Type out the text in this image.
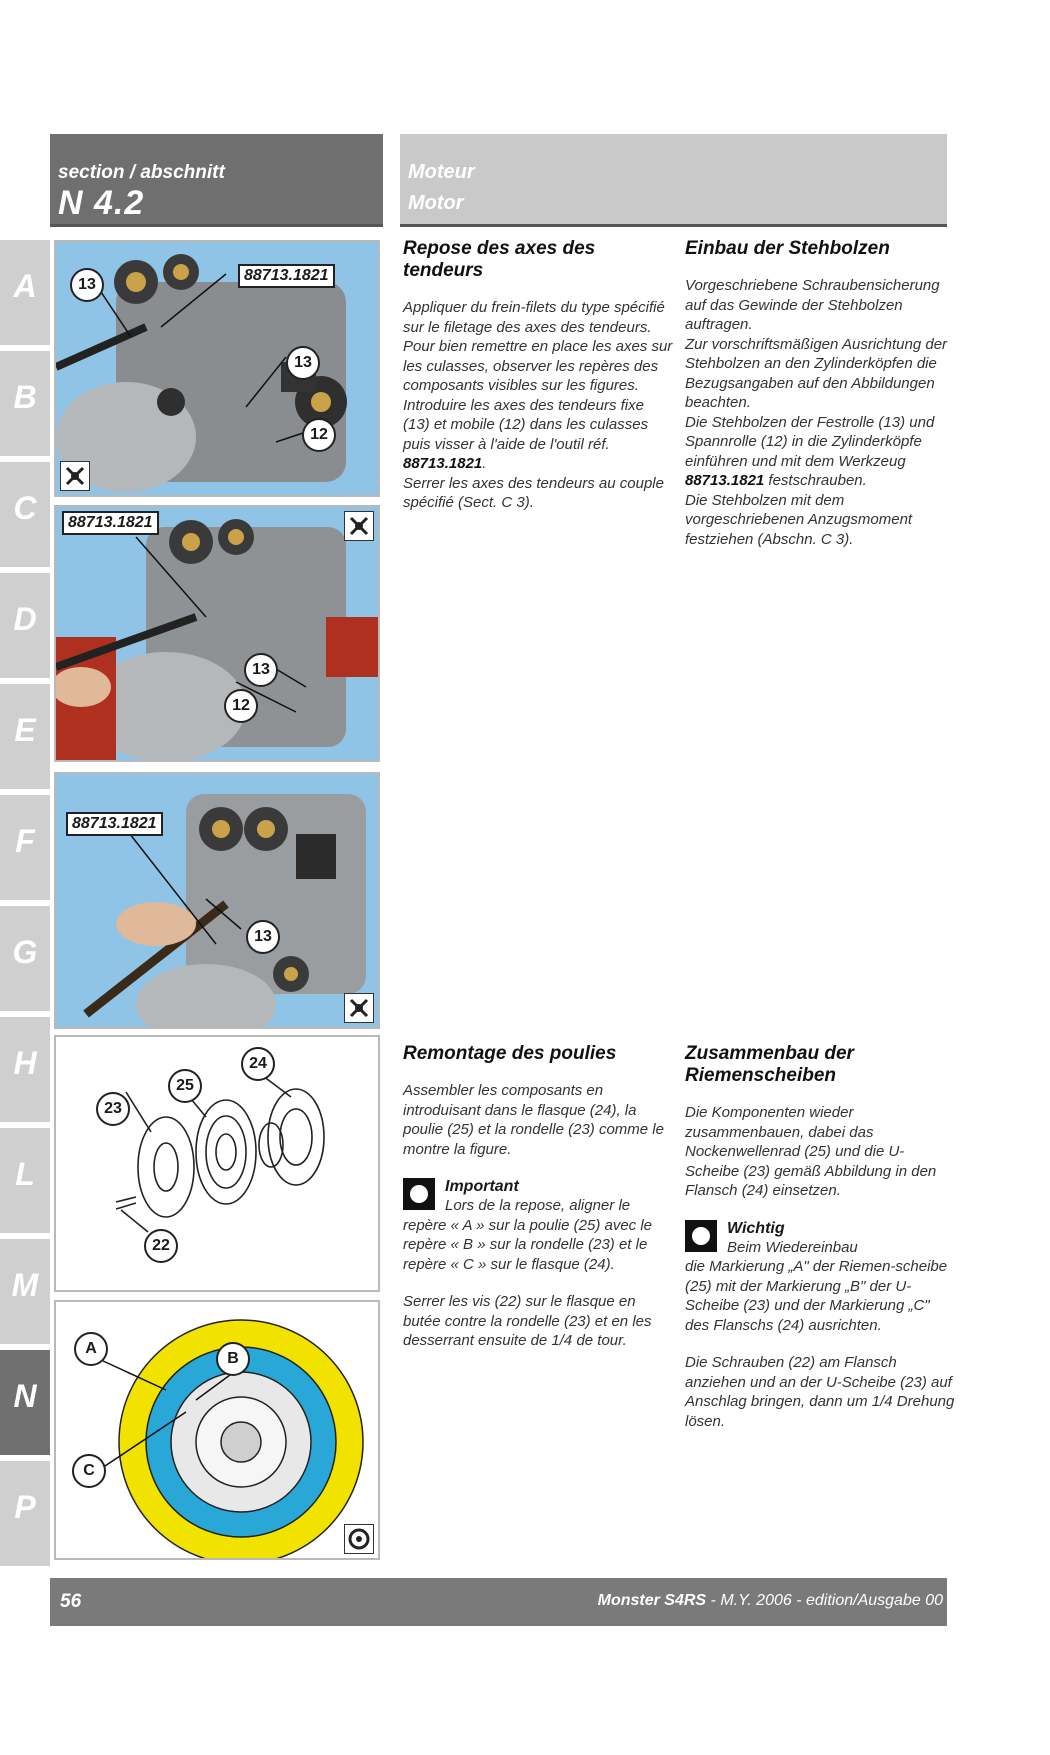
section / abschnitt
N 4.2
Moteur
Motor
A
B
C
D
E
F
G
H
L
M
N
P
13
88713.1821
13
12
88713.1821
13
12
88713.1821
13
24
25
23
22
A
B
C
Repose des axes des tendeurs

Appliquer du frein-filets du type spécifié sur le filetage des axes des tendeurs.
Pour bien remettre en place les axes sur les culasses, observer les repères des composants visibles sur les figures.
Introduire les axes des tendeurs fixe (13) et mobile (12) dans les culasses puis visser à l'aide de l'outil réf. 88713.1821.
Serrer les axes des tendeurs au couple spécifié (Sect. C 3).

Einbau der Stehbolzen

Vorgeschriebene Schraubensicherung auf das Gewinde der Stehbolzen auftragen.
Zur vorschriftsmäßigen Ausrichtung der Stehbolzen an den Zylinderköpfen die Bezugsangaben auf den Abbildungen beachten.
Die Stehbolzen der Festrolle (13) und Spannrolle (12) in die Zylinderköpfe einführen und mit dem Werkzeug 88713.1821 festschrauben.
Die Stehbolzen mit dem vorgeschriebenen Anzugsmoment festziehen (Abschn. C 3).

Remontage des poulies

Assembler les composants en introduisant dans le flasque (24), la poulie (25) et la rondelle (23) comme le montre la figure.

Important

Lors de la repose, aligner le

repère « A » sur la poulie (25) avec le repère « B » sur la rondelle (23) et le repère « C » sur le flasque (24).

Serrer les vis (22) sur le flasque en butée contre la rondelle (23) et en les desserrant ensuite de 1/4 de tour.

Zusammenbau der Riemenscheiben

Die Komponenten wieder zusammenbauen, dabei das Nockenwellenrad (25) und die U-Scheibe (23) gemäß Abbildung in den Flansch (24) einsetzen.

Wichtig

Beim Wiedereinbau

die Markierung „A" der Riemen-scheibe (25) mit der Markierung „B" der U-Scheibe (23) und der Markierung „C" des Flanschs (24) ausrichten.

Die Schrauben (22) am Flansch anziehen und an der U-Scheibe (23) auf Anschlag bringen, dann um 1/4 Drehung lösen.

56	Monster S4RS - M.Y. 2006 - edition/Ausgabe 00
